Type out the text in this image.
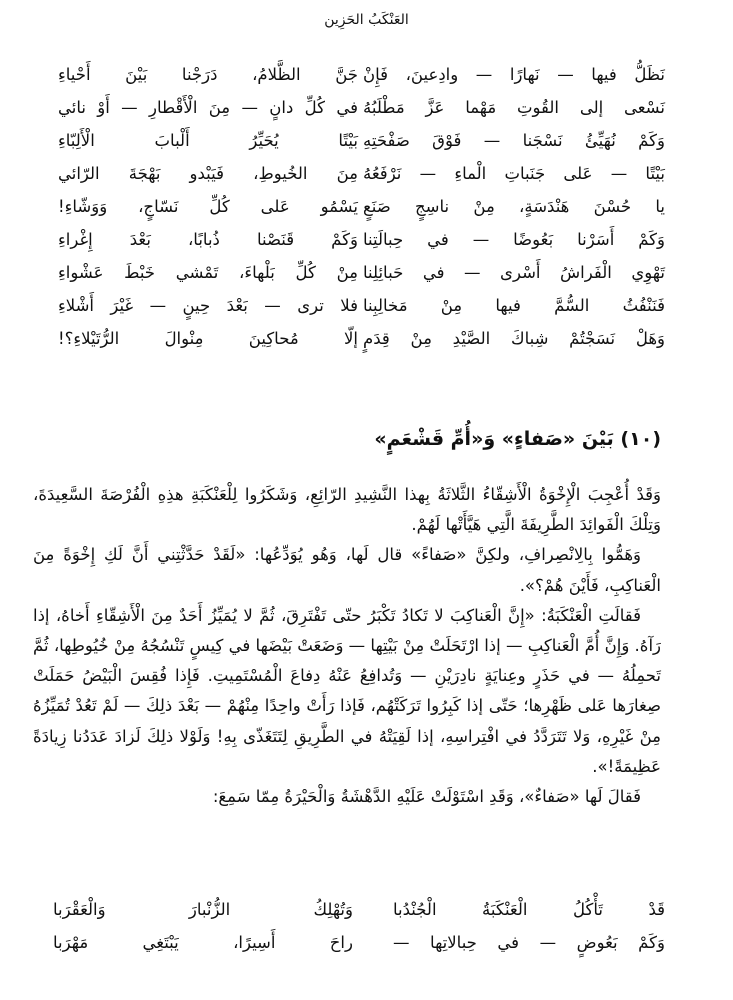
العَنْكَبُ الحَزِين
نَظَلُّ فيها — نَهارًا — وادِعينَ، فَإِنْ
جَنَّ الظَّلامُ، دَرَجْنا بَيْنَ أَحْياءِ
نَسْعى إلى القُوتِ مَهْما عَزَّ مَطْلَبُهُ
في كُلِّ دانٍ — مِنَ الْأَقْطارِ — أَوْ نائي
وَكَمْ نُهَيِّئُ نَسْجَنا — فَوْقَ صَفْحَتِهِ
بَيْتًا يُحَيِّرُ أَلْبابَ الْأَلِبّاءِ
بَيْتًا — عَلى جَنَباتِ الْماءِ — نَرْفَعُهُ
مِنَ الخُيوطِ، فَيَبْدو بَهْجَةَ الرّائي
يا حُسْنَ هَنْدَسَةٍ، مِنْ ناسِجٍ صَنَعٍ
يَسْمُو عَلى كُلِّ نَسّاجٍ، وَوَشّاءِ!
وَكَمْ أَسَرْنا بَعُوضًا — في حِبالَتِنا
وَكَمْ قَنَصْنا ذُبابًا، بَعْدَ إِغْراءِ
تَهْوِي الْفَراشُ أَسْرى — في حَبائِلِنا
مِنْ كُلِّ بَلْهاءَ، تَمْشي خَبْطَ عَشْواءِ
فَنَنْفُثُ السُّمَّ فيها مِنْ مَخالِبِنا
فلا ترى — بَعْدَ حِينٍ — غَيْرَ أَشْلاءِ
وَهَلْ نَسَجْتُمْ شِباكَ الصَّيْدِ مِنْ قِدَمٍ
إلّا مُحاكِينَ مِنْوالَ الرُّتَيْلاءِ؟!
(١٠) بَيْنَ «صَفاءٍ» وَ«أُمِّ قَشْعَمٍ»

وَقَدْ أُعْجِبَ الْإِخْوَةُ الْأَشِقّاءُ الثَّلاثَةُ بِهذا النَّشِيدِ الرّائِعِ، وَشَكَرُوا لِلْعَنْكَبَةِ هذِهِ الْفُرْصَةَ السَّعِيدَةَ، وَتِلْكَ الْفَوائِدَ الطَّرِيفَةَ الَّتِي هَيَّأَتْها لَهُمْ.

وَهَمُّوا بِالِانْصِرافِ، ولكِنَّ «صَفاءً» قال لَها، وَهُو يُوَدِّعُها: «لَقَدْ حَدَّثْتِني أَنَّ لَكِ إِخْوَةً مِنَ الْعَناكِبِ، فَأَيْنَ هُمْ؟».

فَقالَتِ الْعَنْكَبَةُ: «إِنَّ الْعَناكِبَ لا تَكادُ تَكْبَرُ حتّى تَفْتَرِقَ، ثُمَّ لا يُمَيِّزُ أَحَدٌ مِنَ الْأَشِقّاءِ أَخاهُ، إذا رَآهُ. وَإِنَّ أُمَّ الْعَناكِبِ — إذا ارْتَحَلَتْ مِنْ بَيْتِها — وَضَعَتْ بَيْضَها في كِيسٍ تَنْسُجُهُ مِنْ خُيُوطِها، ثُمَّ تَحمِلُهُ — في حَذَرٍ وعِنايَةٍ نادِرَيْنِ — وَتُدافِعُ عَنْهُ دِفاعَ الْمُسْتَمِيتِ. فَإِذا فُقِسَ الْبَيْضُ حَمَلَتْ صِغارَها عَلى ظَهْرِها؛ حَتّى إذا كَبِرُوا تَرَكَتْهُم، فَإذا رَأَتْ واحِدًا مِنْهُمْ — بَعْدَ ذلِكَ — لَمْ تَعُدْ تُمَيِّزُهُ مِنْ غَيْرِهِ، وَلا تَتَرَدَّدُ في افْتِراسِهِ، إذا لَقِيَتْهُ في الطَّرِيقِ لِتَتَغَذّى بِهِ! وَلَوْلا ذلِكَ لَزادَ عَدَدُنا زِيادَةً عَظِيمَةً!».

فَقالَ لَها «صَفاءٌ»، وَقَدِ اسْتَوْلَتْ عَلَيْهِ الدَّهْشَةُ وَالْحَيْرَةُ مِمّا سَمِعَ:

قَدْ تَأْكُلُ الْعَنْكَبَةُ الْجُنْدُبا
وَتُهْلِكُ الزُّنْبارَ وَالْعَقْرَبا
وَكَمْ بَعُوضٍ — في حِبالاتِها —
راحَ أَسِيرًا، يَبْتَغِي مَهْرَبا
